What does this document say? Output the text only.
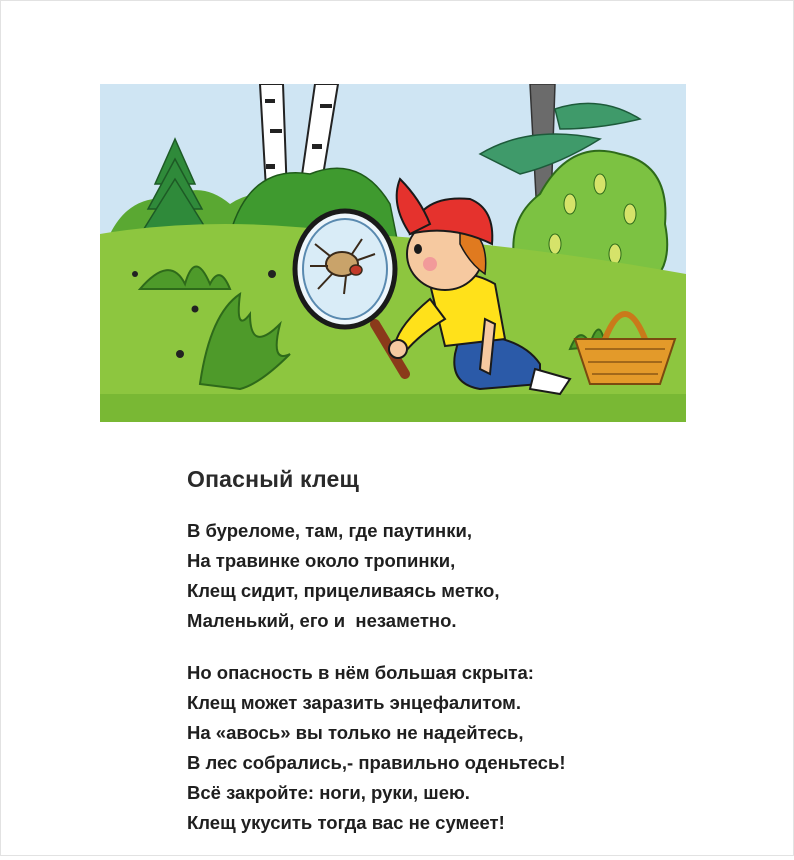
Опасный клещ
В буреломе, там, где паутинки,
На травинке около тропинки,
Клещ сидит, прицеливаясь метко,
Маленький, его и  незаметно.
Но опасность в нём большая скрыта:
Клещ может заразить энцефалитом.
На «авось» вы только не надейтесь,
В лес собрались,- правильно оденьтесь!
Всё закройте: ноги, руки, шею.
Клещ укусить тогда вас не сумеет!
